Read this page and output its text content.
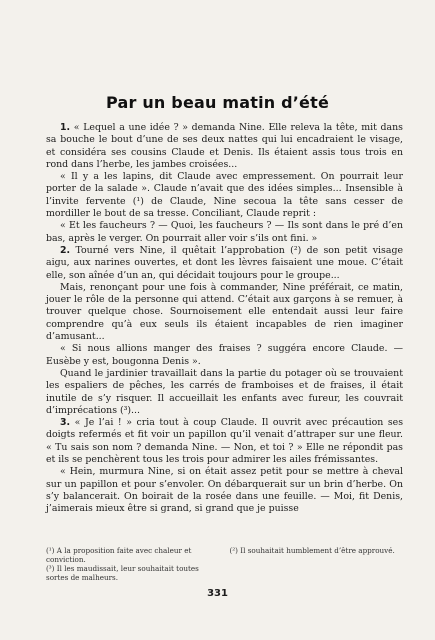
Par un beau matin d’été

1. « Lequel a une idée ? » demanda Nine. Elle releva la tête, mit dans sa bouche le bout d’une de ses deux nattes qui lui encadraient le visage, et considéra ses cousins Claude et Denis. Ils étaient assis tous trois en rond dans l’herbe, les jambes croisées...

« Il y a les lapins, dit Claude avec empressement. On pourrait leur porter de la salade ». Claude n’avait que des idées simples... Insensible à l’invite fervente (¹) de Claude, Nine secoua la tête sans cesser de mordiller le bout de sa tresse. Conciliant, Claude reprit :

« Et les faucheurs ? — Quoi, les faucheurs ? — Ils sont dans le pré d’en bas, après le verger. On pourrait aller voir s’ils ont fini. »

2. Tourné vers Nine, il quêtait l’approbation (²) de son petit visage aigu, aux narines ouvertes, et dont les lèvres faisaient une moue. C’était elle, son aînée d’un an, qui décidait toujours pour le groupe...

Mais, renonçant pour une fois à commander, Nine préférait, ce matin, jouer le rôle de la personne qui attend. C’était aux garçons à se remuer, à trouver quelque chose. Sournoisement elle entendait aussi leur faire comprendre qu’à eux seuls ils étaient incapables de rien imaginer d’amusant...

« Si nous allions manger des fraises ? suggéra encore Claude. — Eusèbe y est, bougonna Denis ».

Quand le jardinier travaillait dans la partie du potager où se trouvaient les espaliers de pêches, les carrés de framboises et de fraises, il était inutile de s’y risquer. Il accueillait les enfants avec fureur, les couvrait d’imprécations (³)...

3. « Je l’ai ! » cria tout à coup Claude. Il ouvrit avec précaution ses doigts refermés et fit voir un papillon qu’il venait d’attraper sur une fleur. « Tu sais son nom ? demanda Nine. — Non, et toi ? » Elle ne répondit pas et ils se penchèrent tous les trois pour admirer les ailes frémissantes.

« Hein, murmura Nine, si on était assez petit pour se mettre à cheval sur un papillon et pour s’envoler. On débarquerait sur un brin d’herbe. On s’y balancerait. On boirait de la rosée dans une feuille. — Moi, fit Denis, j’aimerais mieux être si grand, si grand que je puisse

(¹) A la proposition faite avec chaleur et conviction.
(²) Il souhaitait humblement d’être approuvé.
(³) Il les maudissait, leur souhaitait toutes sortes de malheurs.
331
